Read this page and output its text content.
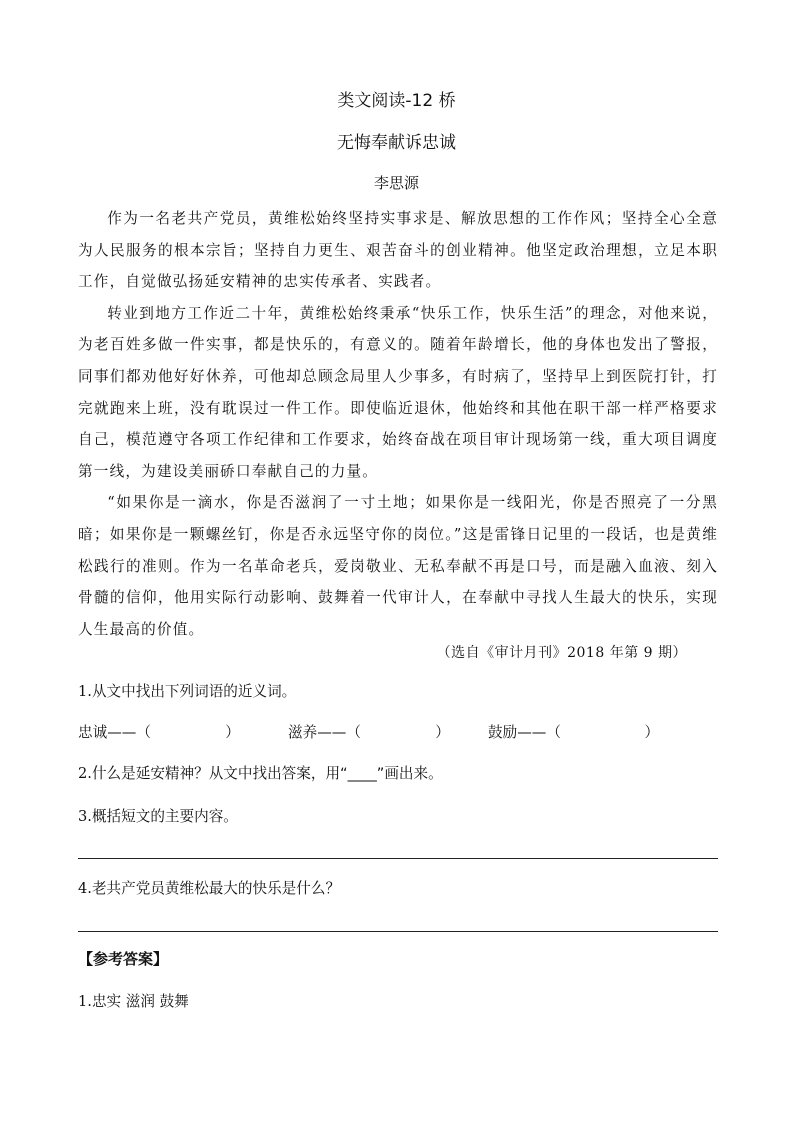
类文阅读-12 桥
无悔奉献诉忠诚
李思源

作为一名老共产党员，黄维松始终坚持实事求是、解放思想的工作作风；坚持全心全意为人民服务的根本宗旨；坚持自力更生、艰苦奋斗的创业精神。他坚定政治理想，立足本职工作，自觉做弘扬延安精神的忠实传承者、实践者。

转业到地方工作近二十年，黄维松始终秉承“快乐工作，快乐生活”的理念，对他来说，为老百姓多做一件实事，都是快乐的，有意义的。随着年龄增长，他的身体也发出了警报，同事们都劝他好好休养，可他却总顾念局里人少事多，有时病了，坚持早上到医院打针，打完就跑来上班，没有耽误过一件工作。即使临近退休，他始终和其他在职干部一样严格要求自己，模范遵守各项工作纪律和工作要求，始终奋战在项目审计现场第一线，重大项目调度第一线，为建设美丽硚口奉献自己的力量。

“如果你是一滴水，你是否滋润了一寸土地；如果你是一线阳光，你是否照亮了一分黑暗；如果你是一颗螺丝钉，你是否永远坚守你的岗位。”这是雷锋日记里的一段话，也是黄维松践行的准则。作为一名革命老兵，爱岗敬业、无私奉献不再是口号，而是融入血液、刻入骨髓的信仰，他用实际行动影响、鼓舞着一代审计人，在奉献中寻找人生最大的快乐，实现人生最高的价值。

（选自《审计月刊》2018 年第 9 期）
1.从文中找出下列词语的近义词。
忠诚——（                ）	滋养——（                ）	鼓励——（                  ）
2.什么是延安精神？从文中找出答案，用“____”画出来。
3.概括短文的主要内容。
4.老共产党员黄维松最大的快乐是什么？
【参考答案】
1.忠实 滋润 鼓舞
